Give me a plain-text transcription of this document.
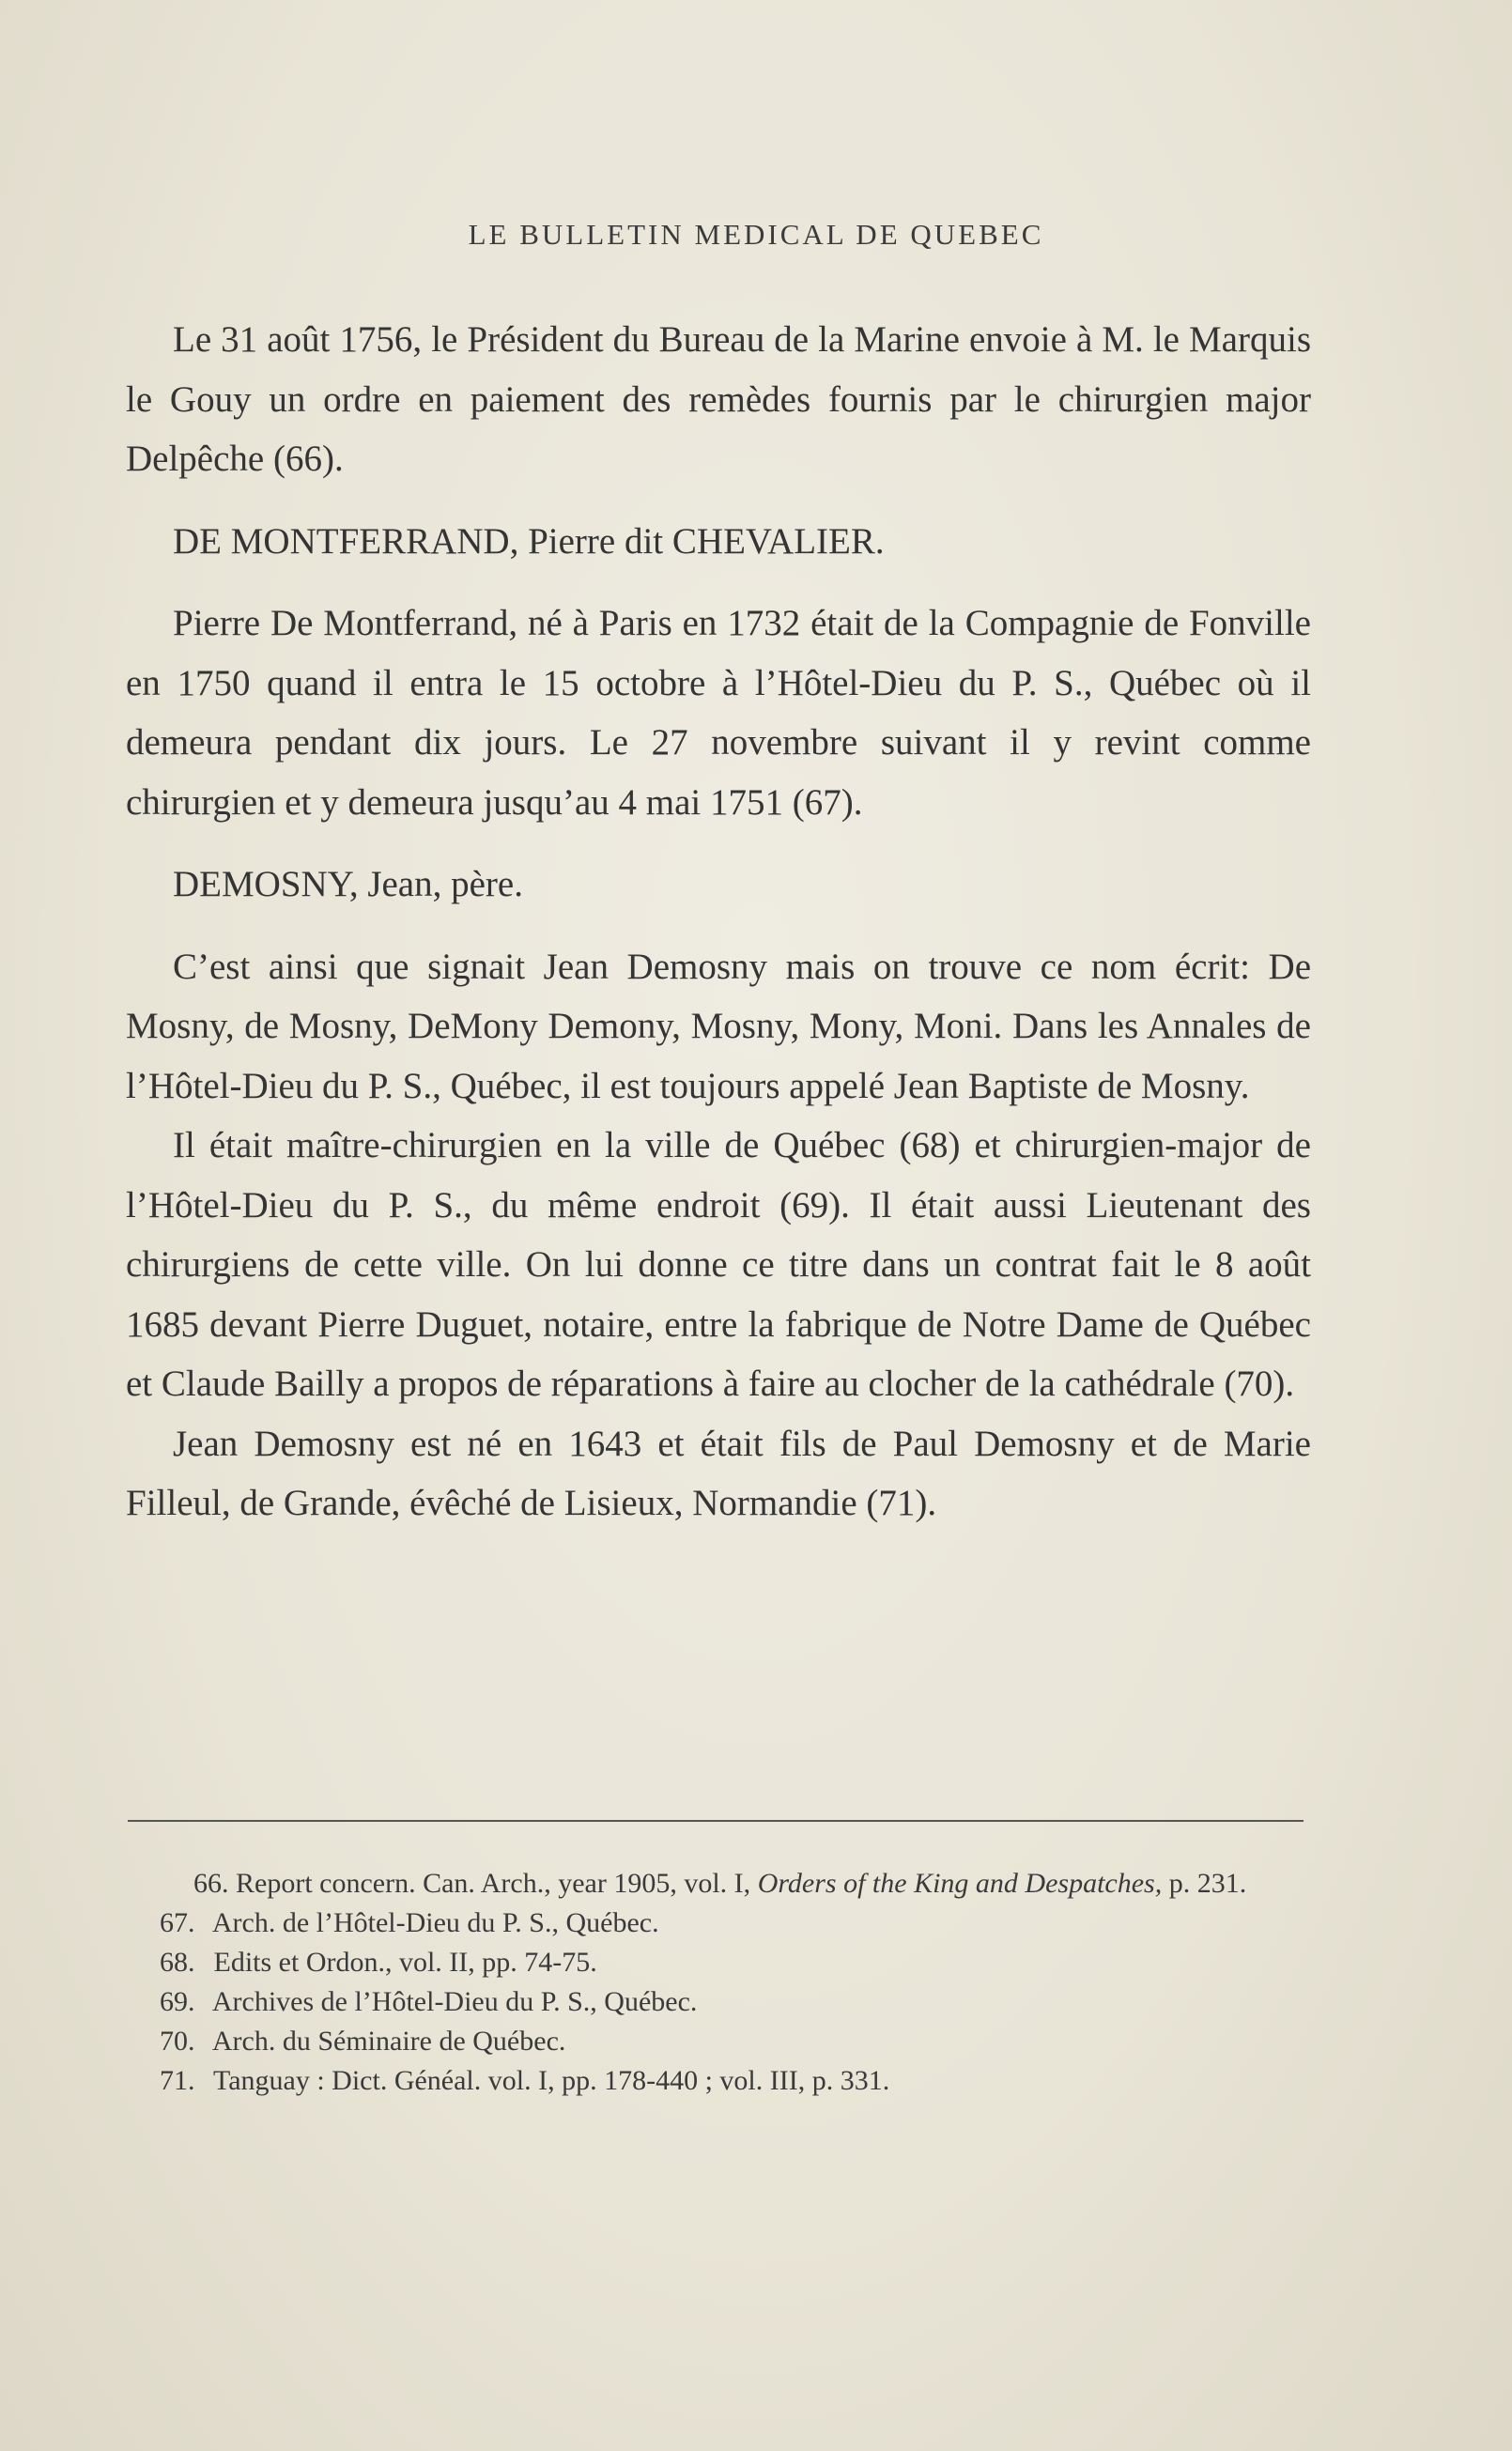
LE BULLETIN MEDICAL DE QUEBEC

Le 31 août 1756, le Président du Bureau de la Marine envoie à M. le Marquis le Gouy un ordre en paiement des remèdes fournis par le chirurgien major Delpêche (66).

DE MONTFERRAND, Pierre dit CHEVALIER.

Pierre De Montferrand, né à Paris en 1732 était de la Compagnie de Fonville en 1750 quand il entra le 15 octobre à l’Hôtel-Dieu du P. S., Québec où il demeura pendant dix jours. Le 27 novembre suivant il y revint comme chirurgien et y demeura jusqu’au 4 mai 1751 (67).

DEMOSNY, Jean, père.

C’est ainsi que signait Jean Demosny mais on trouve ce nom écrit: De Mosny, de Mosny, DeMony Demony, Mosny, Mony, Moni. Dans les Annales de l’Hôtel-Dieu du P. S., Québec, il est toujours appelé Jean Baptiste de Mosny.

Il était maître-chirurgien en la ville de Québec (68) et chirurgien-major de l’Hôtel-Dieu du P. S., du même endroit (69). Il était aussi Lieutenant des chirurgiens de cette ville. On lui donne ce titre dans un contrat fait le 8 août 1685 devant Pierre Duguet, notaire, entre la fabrique de Notre Dame de Québec et Claude Bailly a propos de réparations à faire au clocher de la cathédrale (70).

Jean Demosny est né en 1643 et était fils de Paul Demosny et de Marie Filleul, de Grande, évêché de Lisieux, Normandie (71).

66. Report concern. Can. Arch., year 1905, vol. I, Orders of the King and Despatches, p. 231.

67. Arch. de l’Hôtel-Dieu du P. S., Québec.

68. Edits et Ordon., vol. II, pp. 74-75.

69. Archives de l’Hôtel-Dieu du P. S., Québec.

70. Arch. du Séminaire de Québec.

71. Tanguay : Dict. Généal. vol. I, pp. 178-440 ; vol. III, p. 331.
